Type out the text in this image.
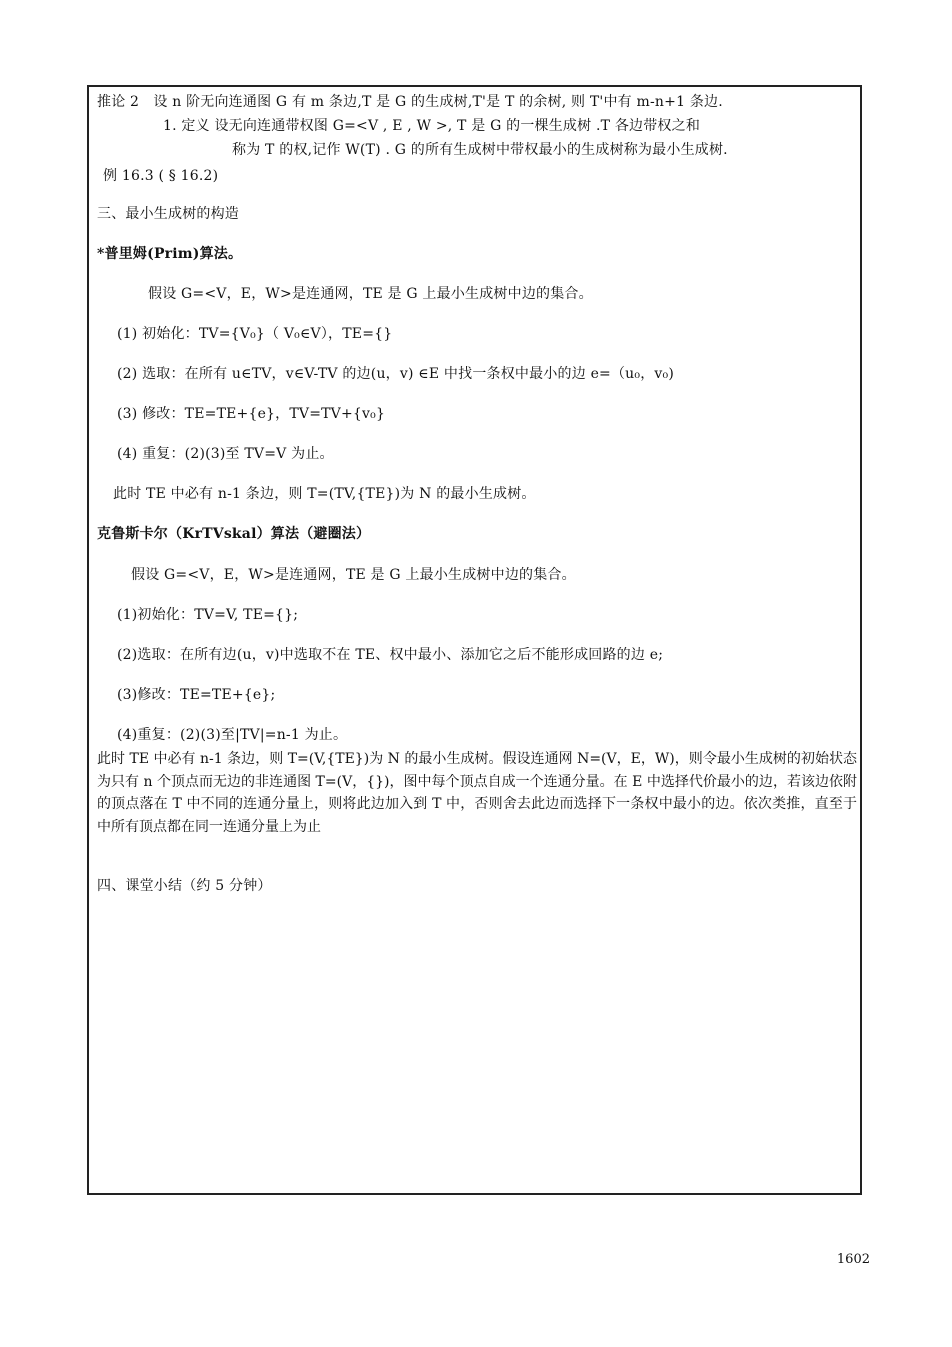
推论 2　设 n 阶无向连通图 G 有 m 条边,T 是 G 的生成树,T'是 T 的余树, 则 T'中有 m-n+1 条边.
1. 定义 设无向连通带权图 G=<V , E , W >, T 是 G 的一棵生成树 .T 各边带权之和
称为 T 的权,记作 W(T) . G 的所有生成树中带权最小的生成树称为最小生成树.
例 16.3 ( § 16.2)
三、最小生成树的构造
*普里姆(Prim)算法。
假设 G=<V，E，W>是连通网，TE 是 G 上最小生成树中边的集合。
(1) 初始化：TV={V₀}（ V₀∈V），TE={}
(2) 选取：在所有 u∈TV，v∈V-TV 的边(u，v) ∈E 中找一条权中最小的边 e=（u₀，v₀)
(3) 修改：TE=TE+{e}，TV=TV+{v₀}
(4) 重复：(2)(3)至 TV=V 为止。
此时 TE 中必有 n-1 条边，则 T=(TV,{TE})为 N 的最小生成树。
克鲁斯卡尔（KrTVskal）算法（避圈法）
假设 G=<V，E，W>是连通网，TE 是 G 上最小生成树中边的集合。
(1)初始化：TV=V, TE={};
(2)选取：在所有边(u，v)中选取不在 TE、权中最小、添加它之后不能形成回路的边 e;
(3)修改：TE=TE+{e};
(4)重复：(2)(3)至|TV|=n-1 为止。
此时 TE 中必有 n-1 条边，则 T=(V,{TE})为 N 的最小生成树。假设连通网 N=(V，E，W)，则令最小生成树的初始状态为只有 n 个顶点而无边的非连通图 T=(V，{})，图中每个顶点自成一个连通分量。在 E 中选择代价最小的边，若该边依附的顶点落在 T 中不同的连通分量上，则将此边加入到 T 中，否则舍去此边而选择下一条权中最小的边。依次类推，直至于中所有顶点都在同一连通分量上为止
四、课堂小结（约 5 分钟）
1602
